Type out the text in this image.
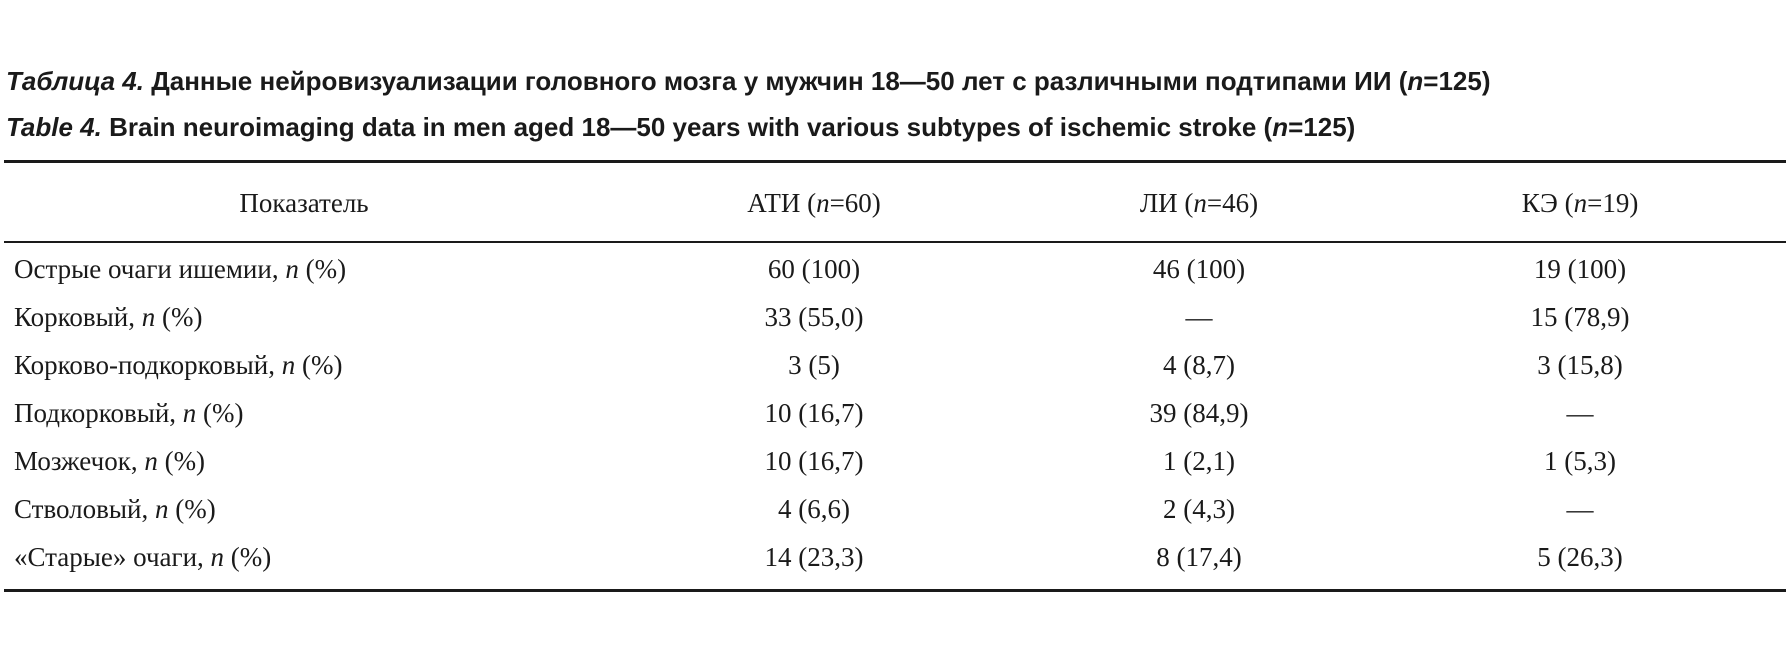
Таблица 4. Данные нейровизуализации головного мозга у мужчин 18—50 лет с различными подтипами ИИ (n=125)
Table 4. Brain neuroimaging data in men aged 18—50 years with various subtypes of ischemic stroke (n=125)
Показатель	АТИ (n=60)	ЛИ (n=46)	КЭ (n=19)
Острые очаги ишемии, n (%)	60 (100)	46 (100)	19 (100)
Корковый, n (%)	33 (55,0)	—	15 (78,9)
Корково-подкорковый, n (%)	3 (5)	4 (8,7)	3 (15,8)
Подкорковый, n (%)	10 (16,7)	39 (84,9)	—
Мозжечок, n (%)	10 (16,7)	1 (2,1)	1 (5,3)
Стволовый, n (%)	4 (6,6)	2 (4,3)	—
«Старые» очаги, n (%)	14 (23,3)	8 (17,4)	5 (26,3)
